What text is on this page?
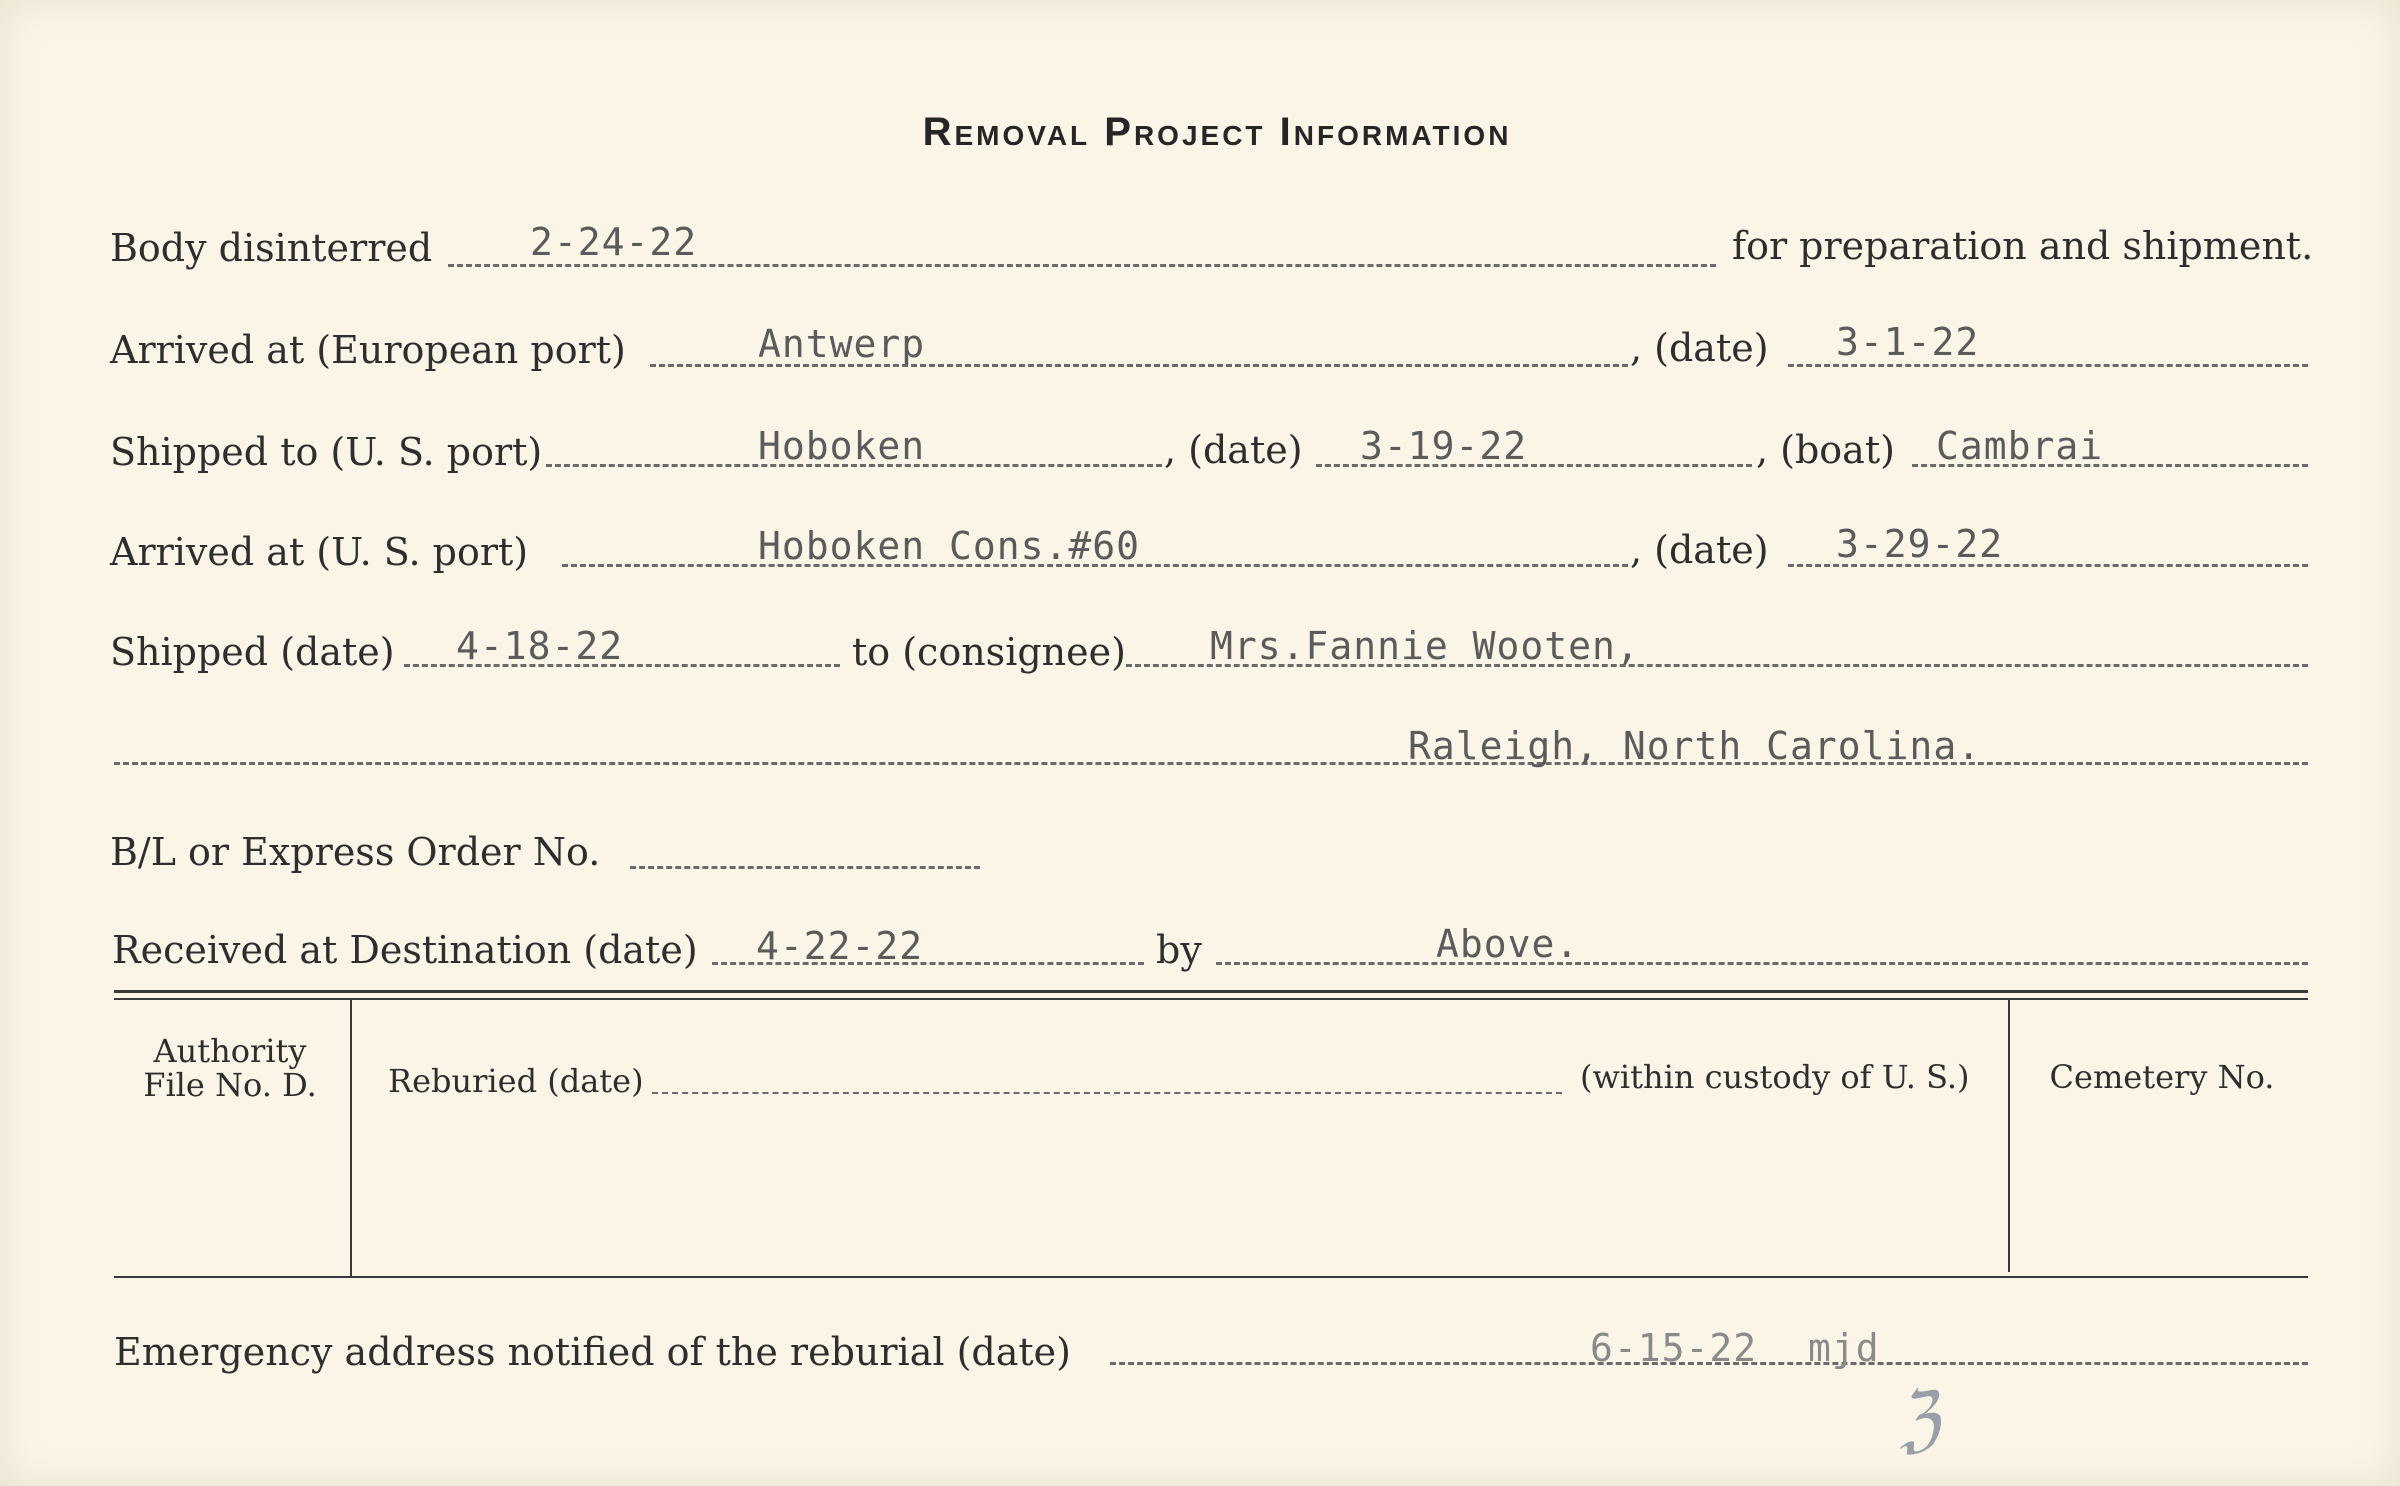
Removal Project Information
Body disinterred	2-24-22	for preparation and shipment.
Arrived at (European port)	Antwerp	, (date) 3-1-22
Shipped to (U. S. port)	Hoboken	, (date) 3-19-22	, (boat) Cambrai
Arrived at (U. S. port)	Hoboken Cons.#60	, (date) 3-29-22
Shipped (date) 4-18-22	to (consignee) Mrs.Fannie Wooten,
Raleigh, North Carolina.
B/L or Express Order No.
Received at Destination (date) 4-22-22	by	Above.
Authority
File No. D.	Reburied (date)	(within custody of U. S.)	Cemetery No.
Emergency address notified of the reburial (date)	6-15-22 mjd
ℨ
